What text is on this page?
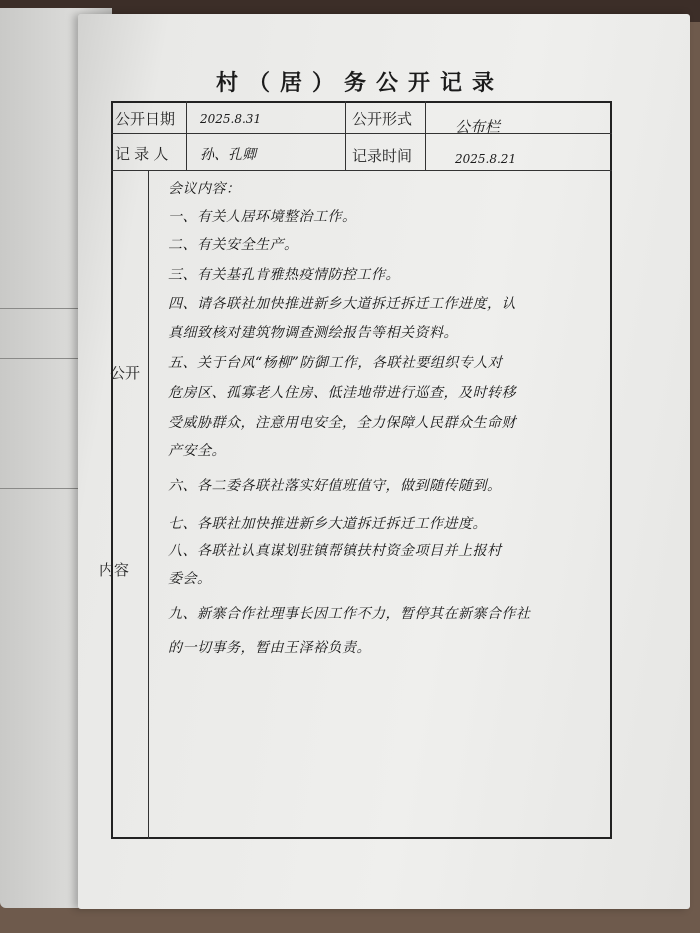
村（居）务公开记录
公开日期 2025.8.31	公开形式	公布栏
记 录 人 孙、孔卿	记录时间	2025.8.21
公开
内容
会议内容：
一、有关人居环境整治工作。
二、有关安全生产。
三、有关基孔肯雅热疫情防控工作。
四、请各联社加快推进新乡大道拆迁拆迁工作进度，认
真细致核对建筑物调查测绘报告等相关资料。
五、关于台风“杨柳”防御工作，各联社要组织专人对
危房区、孤寡老人住房、低洼地带进行巡查，及时转移
受威胁群众，注意用电安全，全力保障人民群众生命财
产安全。
六、各二委各联社落实好值班值守，做到随传随到。
七、各联社加快推进新乡大道拆迁拆迁工作进度。
八、各联社认真谋划驻镇帮镇扶村资金项目并上报村
委会。
九、新寨合作社理事长因工作不力，暂停其在新寨合作社
的一切事务，暂由王泽裕负责。
